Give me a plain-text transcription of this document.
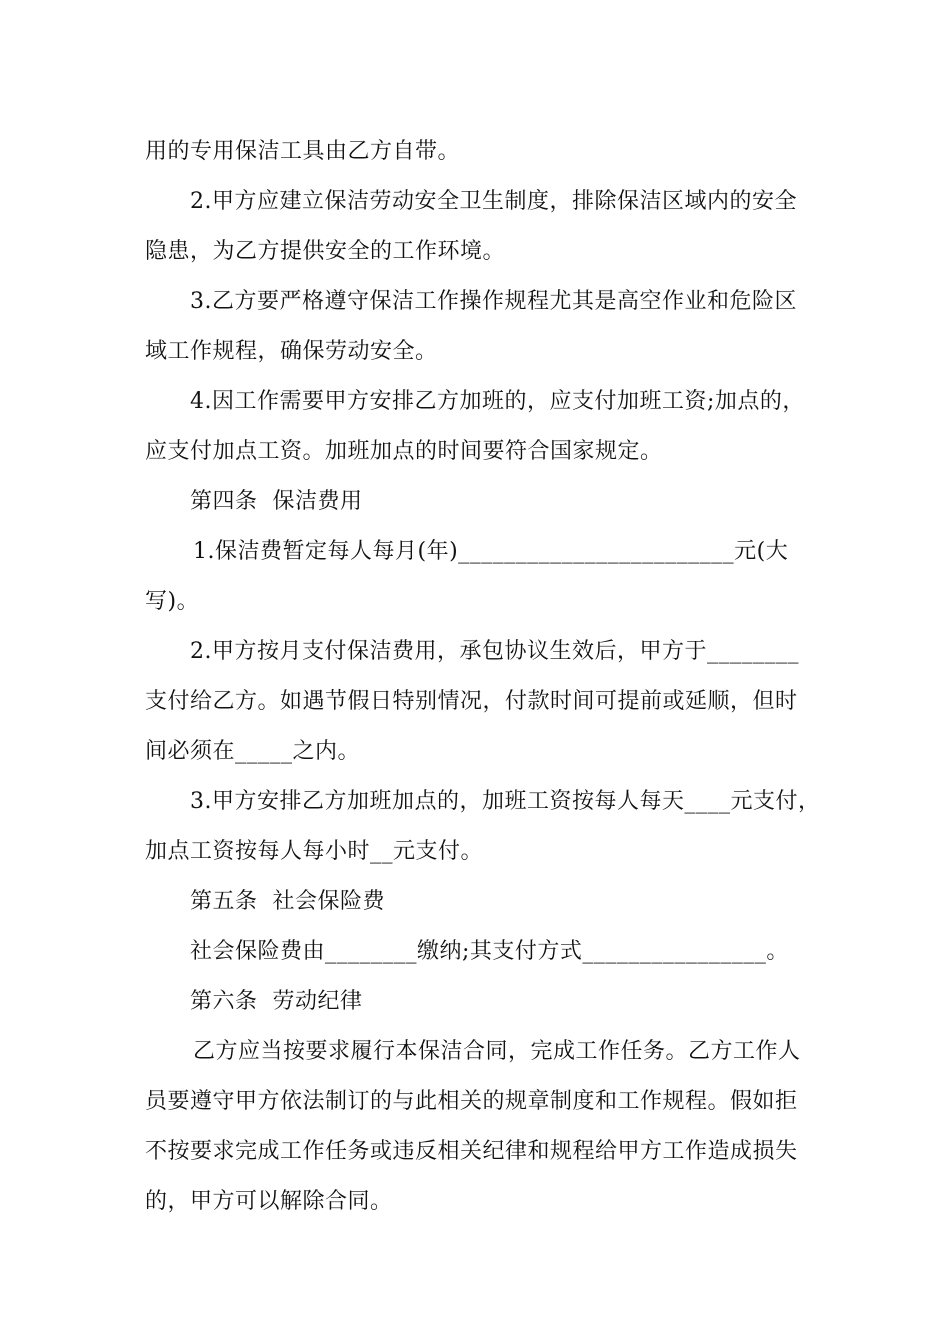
用的专用保洁工具由乙方自带。
2.甲方应建立保洁劳动安全卫生制度，排除保洁区域内的安全
隐患，为乙方提供安全的工作环境。
3.乙方要严格遵守保洁工作操作规程尤其是高空作业和危险区
域工作规程，确保劳动安全。
4.因工作需要甲方安排乙方加班的，应支付加班工资;加点的，
应支付加点工资。加班加点的时间要符合国家规定。
第四条  保洁费用
1.保洁费暂定每人每月(年)________________________元(大
写)。
2.甲方按月支付保洁费用，承包协议生效后，甲方于________
支付给乙方。如遇节假日特别情况，付款时间可提前或延顺，但时
间必须在_____之内。
3.甲方安排乙方加班加点的，加班工资按每人每天____元支付，
加点工资按每人每小时__元支付。
第五条  社会保险费
社会保险费由________缴纳;其支付方式________________。
第六条  劳动纪律
乙方应当按要求履行本保洁合同，完成工作任务。乙方工作人
员要遵守甲方依法制订的与此相关的规章制度和工作规程。假如拒
不按要求完成工作任务或违反相关纪律和规程给甲方工作造成损失
的，甲方可以解除合同。
